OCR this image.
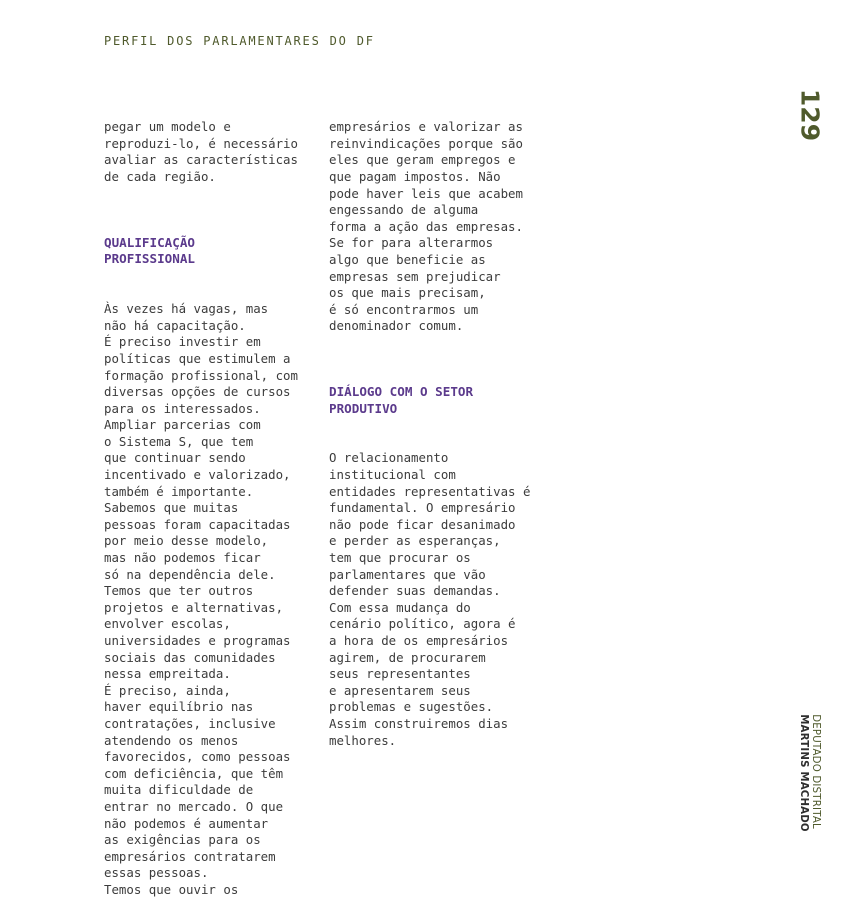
PERFIL DOS PARLAMENTARES DO DF
129

pegar um modelo e
reproduzi-lo, é necessário
avaliar as características
de cada região.

QUALIFICAÇÃO
PROFISSIONAL

Às vezes há vagas, mas
não há capacitação.
É preciso investir em
políticas que estimulem a
formação profissional, com
diversas opções de cursos
para os interessados.
Ampliar parcerias com
o Sistema S, que tem
que continuar sendo
incentivado e valorizado,
também é importante.
Sabemos que muitas
pessoas foram capacitadas
por meio desse modelo,
mas não podemos ficar
só na dependência dele.
Temos que ter outros
projetos e alternativas,
envolver escolas,
universidades e programas
sociais das comunidades
nessa empreitada.
É preciso, ainda,
haver equilíbrio nas
contratações, inclusive
atendendo os menos
favorecidos, como pessoas
com deficiência, que têm
muita dificuldade de
entrar no mercado. O que
não podemos é aumentar
as exigências para os
empresários contratarem
essas pessoas.
Temos que ouvir os

empresários e valorizar as
reinvindicações porque são
eles que geram empregos e
que pagam impostos. Não
pode haver leis que acabem
engessando de alguma
forma a ação das empresas.
Se for para alterarmos
algo que beneficie as
empresas sem prejudicar
os que mais precisam,
é só encontrarmos um
denominador comum.

DIÁLOGO COM O SETOR
PRODUTIVO

O relacionamento
institucional com
entidades representativas é
fundamental. O empresário
não pode ficar desanimado
e perder as esperanças,
tem que procurar os
parlamentares que vão
defender suas demandas.
Com essa mudança do
cenário político, agora é
a hora de os empresários
agirem, de procurarem
seus representantes
e apresentarem seus
problemas e sugestões.
Assim construiremos dias
melhores.	DEPUTADO DISTRITAL
MARTINS MACHADO
